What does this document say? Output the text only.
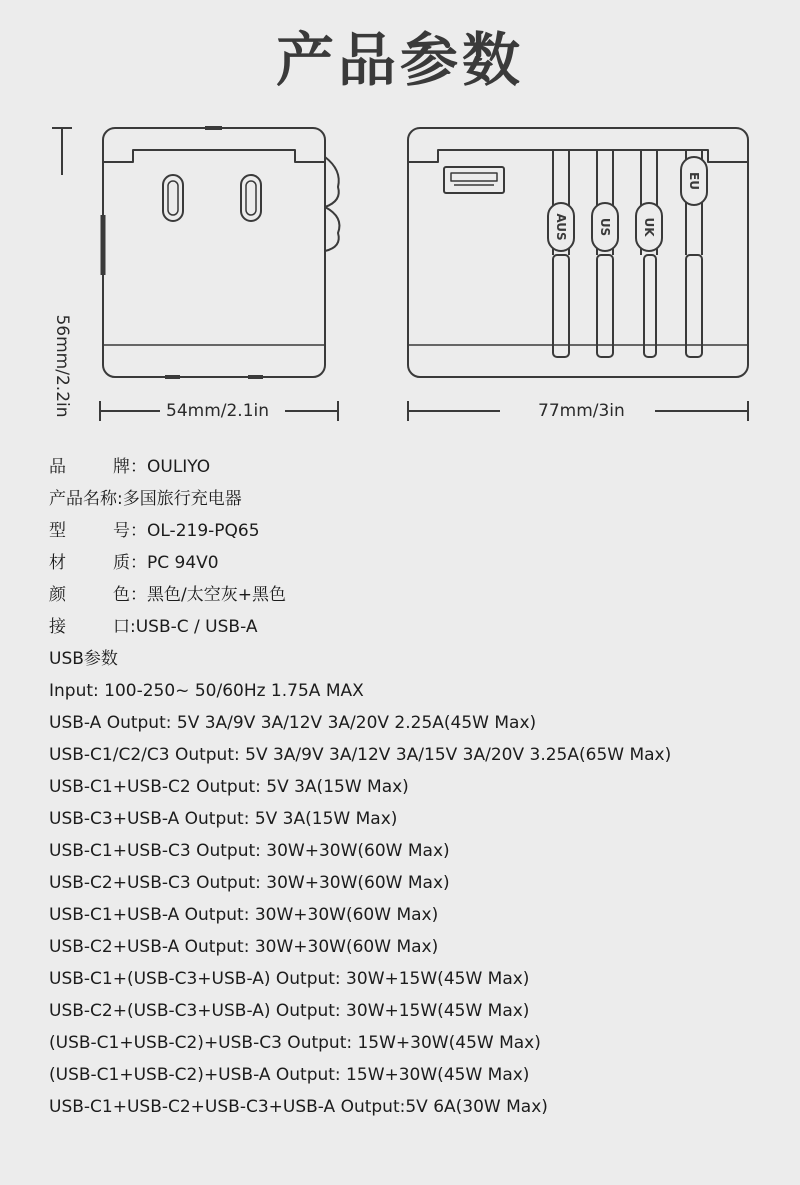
产品参数
AUS	US	UK
EU
56mm/2.2in	54mm/2.1in	77mm/3in
品	牌：OULIYO
产品名称:多国旅行充电器
型	号：OL-219-PQ65
材	质：PC 94V0
颜	色：黑色/太空灰+黑色
接	口:USB-C / USB-A
USB参数
Input: 100-250~ 50/60Hz 1.75A MAX
USB-A Output: 5V 3A/9V 3A/12V 3A/20V 2.25A(45W Max)
USB-C1/C2/C3 Output: 5V 3A/9V 3A/12V 3A/15V 3A/20V 3.25A(65W Max)
USB-C1+USB-C2 Output: 5V 3A(15W Max)
USB-C3+USB-A Output: 5V 3A(15W Max)
USB-C1+USB-C3 Output: 30W+30W(60W Max)
USB-C2+USB-C3 Output: 30W+30W(60W Max)
USB-C1+USB-A Output: 30W+30W(60W Max)
USB-C2+USB-A Output: 30W+30W(60W Max)
USB-C1+(USB-C3+USB-A) Output: 30W+15W(45W Max)
USB-C2+(USB-C3+USB-A) Output: 30W+15W(45W Max)
(USB-C1+USB-C2)+USB-C3 Output: 15W+30W(45W Max)
(USB-C1+USB-C2)+USB-A Output: 15W+30W(45W Max)
USB-C1+USB-C2+USB-C3+USB-A Output:5V 6A(30W Max)
